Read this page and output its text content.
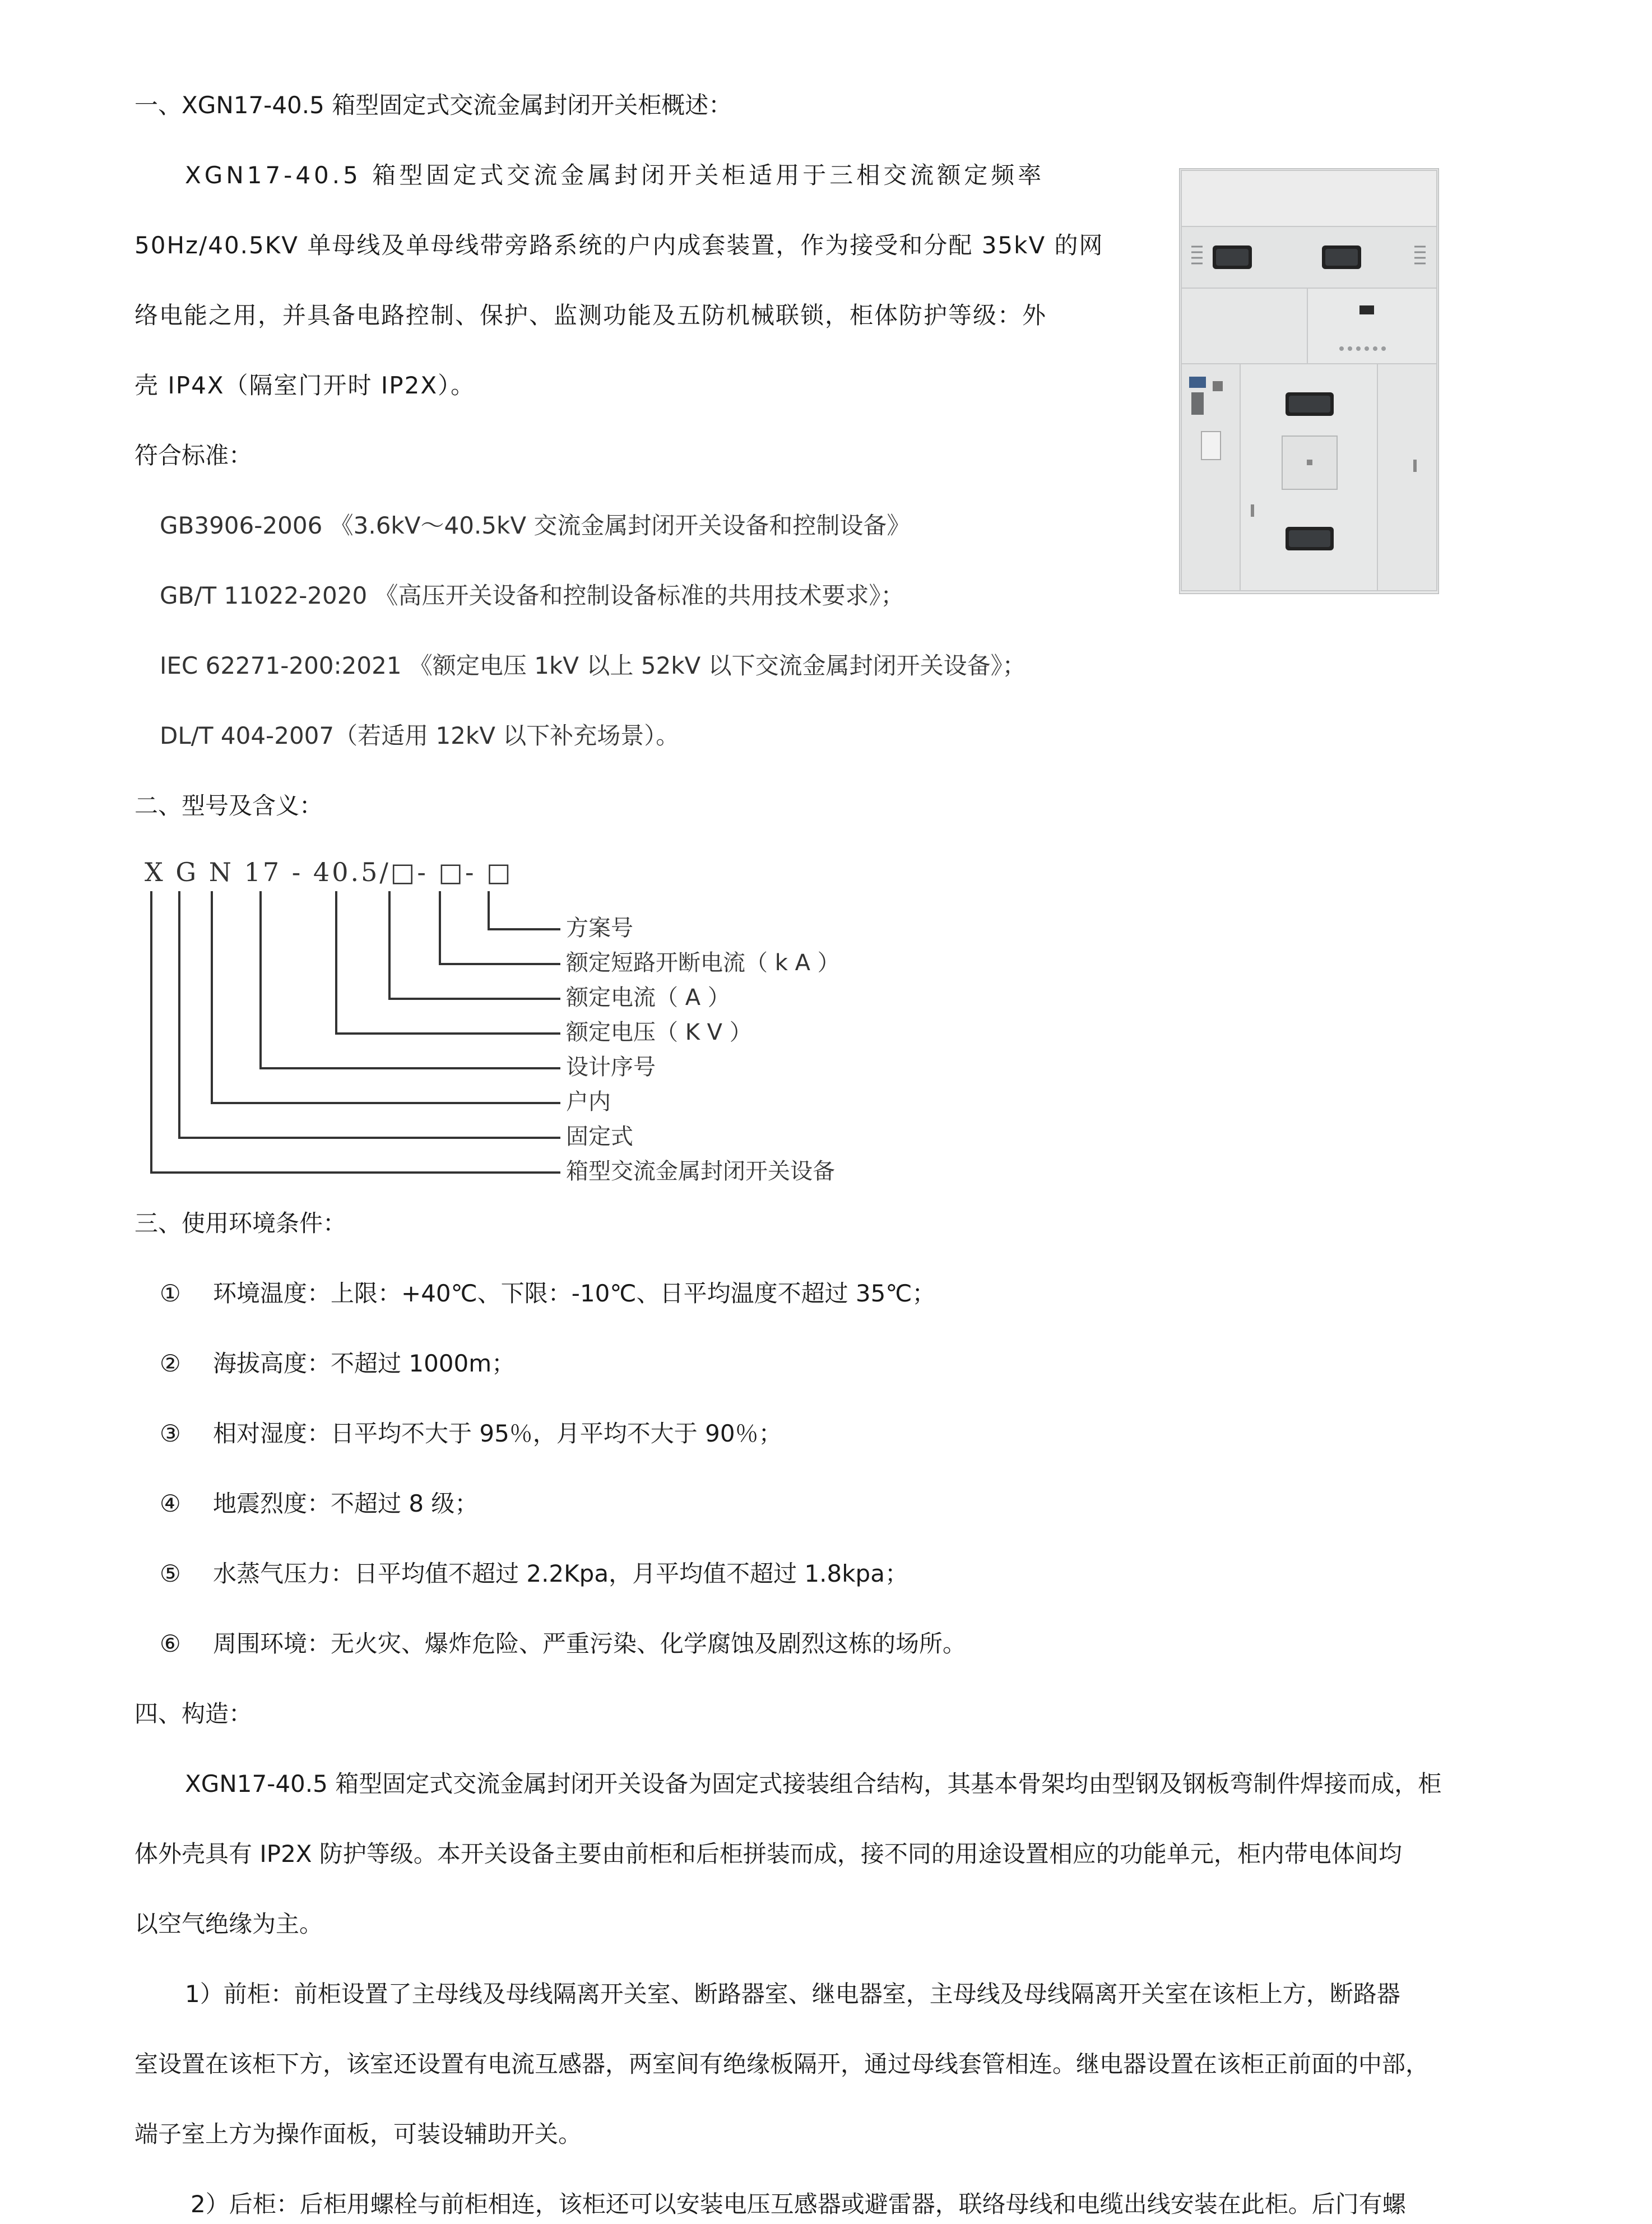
一、XGN17-40.5 箱型固定式交流金属封闭开关柜概述：
XGN17-40.5 箱型固定式交流金属封闭开关柜适用于三相交流额定频率
50Hz/40.5KV 单母线及单母线带旁路系统的户内成套装置，作为接受和分配 35kV 的网
络电能之用，并具备电路控制、保护、监测功能及五防机械联锁，柜体防护等级：外
壳 IP4X（隔室门开时 IP2X）。
符合标准：
GB3906-2006 《3.6kV～40.5kV 交流金属封闭开关设备和控制设备》
GB/T 11022-2020 《高压开关设备和控制设备标准的共用技术要求》；
IEC 62271-200:2021 《额定电压 1kV 以上 52kV 以下交流金属封闭开关设备》；
DL/T 404-2007（若适用 12kV 以下补充场景）。
二、型号及含义：
X G N 17 - 40.5/□- □- □
方案号
额定短路开断电流（ k A ）
额定电流（ A ）
额定电压（ K V ）
设计序号
户内
固定式
箱型交流金属封闭开关设备
三、使用环境条件：
① 环境温度：上限：+40℃、下限：-10℃、日平均温度不超过 35℃；
② 海拔高度：不超过 1000m；
③ 相对湿度：日平均不大于 95％，月平均不大于 90％；
④ 地震烈度：不超过 8 级；
⑤ 水蒸气压力：日平均值不超过 2.2Kpa，月平均值不超过 1.8kpa；
⑥ 周围环境：无火灾、爆炸危险、严重污染、化学腐蚀及剧烈这栋的场所。
四、构造：
XGN17-40.5 箱型固定式交流金属封闭开关设备为固定式接装组合结构，其基本骨架均由型钢及钢板弯制件焊接而成，柜
体外壳具有 IP2X 防护等级。本开关设备主要由前柜和后柜拼装而成，接不同的用途设置相应的功能单元，柜内带电体间均
以空气绝缘为主。
1）前柜：前柜设置了主母线及母线隔离开关室、断路器室、继电器室，主母线及母线隔离开关室在该柜上方，断路器
室设置在该柜下方，该室还设置有电流互感器，两室间有绝缘板隔开，通过母线套管相连。继电器设置在该柜正前面的中部，
端子室上方为操作面板，可装设辅助开关。
2）后柜：后柜用螺栓与前柜相连，该柜还可以安装电压互感器或避雷器，联络母线和电缆出线安装在此柜。后门有螺
